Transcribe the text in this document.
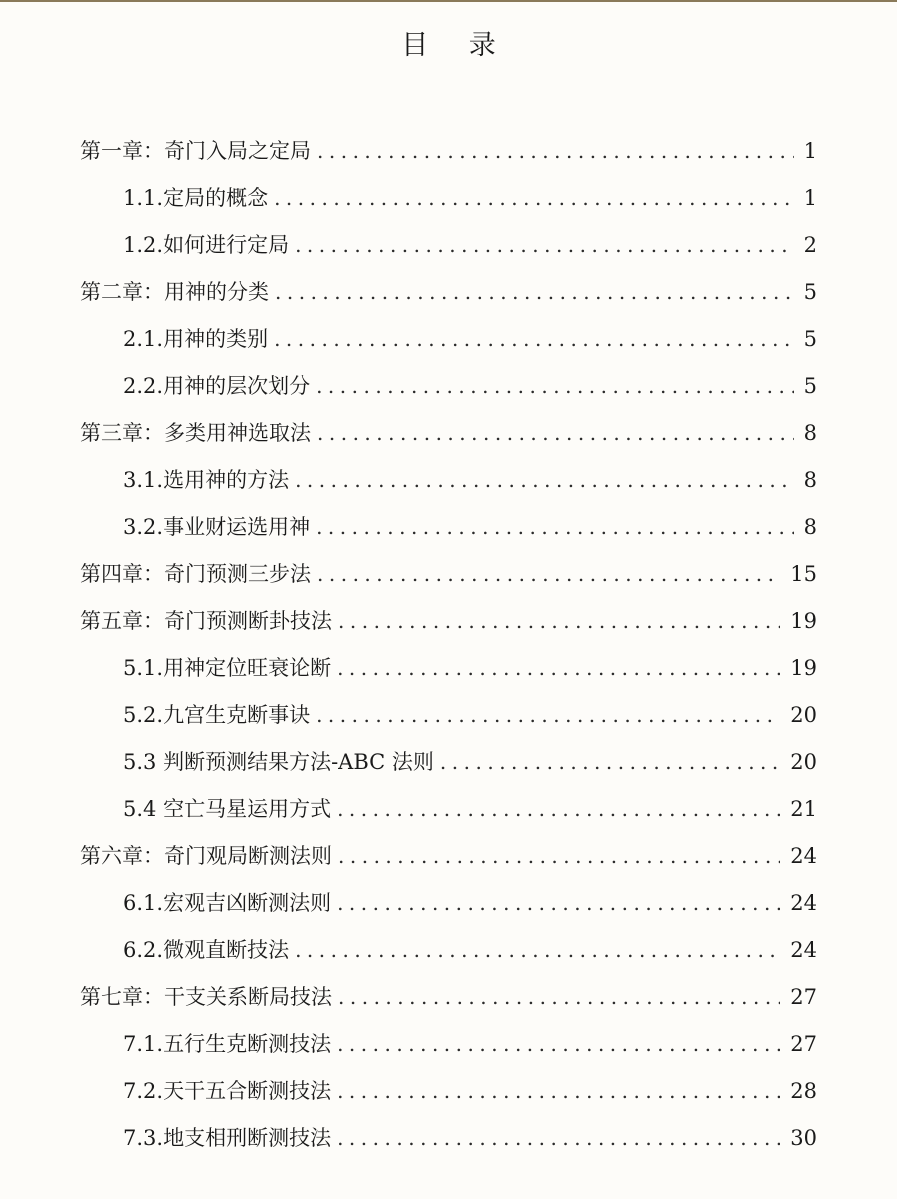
目 录
第一章：奇门入局之定局 .....	1
1.1.定局的概念 .....	1
1.2.如何进行定局 .....	2
第二章：用神的分类 .....	5
2.1.用神的类别 .....	5
2.2.用神的层次划分 .....	5
第三章：多类用神选取法 .....	8
3.1.选用神的方法 .....	8
3.2.事业财运选用神 .....	8
第四章：奇门预测三步法 .....	15
第五章：奇门预测断卦技法 .....	19
5.1.用神定位旺衰论断 .....	19
5.2.九宫生克断事诀 .....	20
5.3 判断预测结果方法-ABC 法则 .....	20
5.4 空亡马星运用方式 .....	21
第六章：奇门观局断测法则 .....	24
6.1.宏观吉凶断测法则 .....	24
6.2.微观直断技法 .....	24
第七章：干支关系断局技法 .....	27
7.1.五行生克断测技法 .....	27
7.2.天干五合断测技法 .....	28
7.3.地支相刑断测技法 .....	30
